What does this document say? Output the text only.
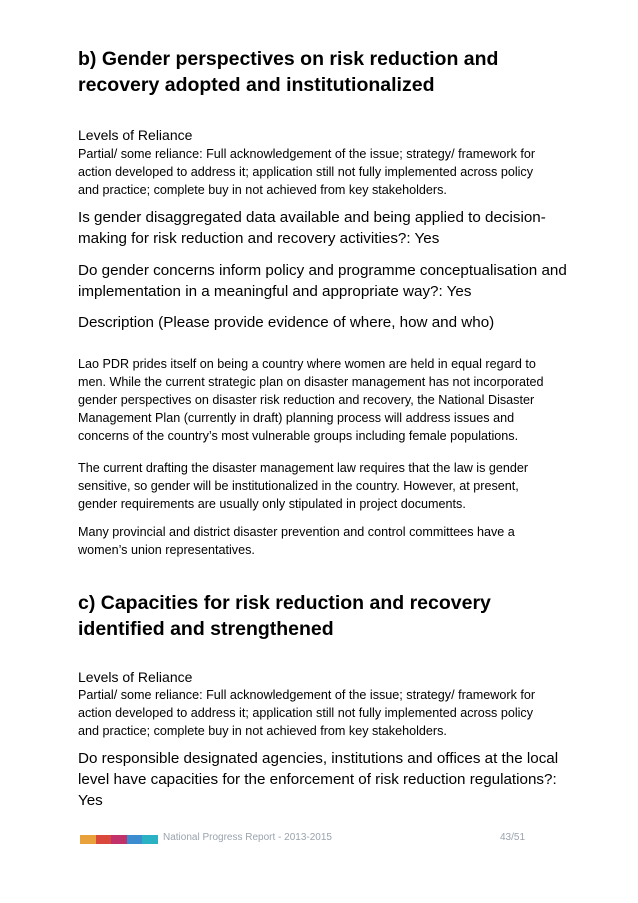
b) Gender perspectives on risk reduction and
recovery adopted and institutionalized
Levels of Reliance
Partial/ some reliance: Full acknowledgement of the issue; strategy/ framework for
action developed to address it; application still not fully implemented across policy
and practice; complete buy in not achieved from key stakeholders.
Is gender disaggregated data available and being applied to decision-
making for risk reduction and recovery activities?: Yes
Do gender concerns inform policy and programme conceptualisation and
implementation in a meaningful and appropriate way?: Yes
Description (Please provide evidence of where, how and who)
Lao PDR prides itself on being a country where women are held in equal regard to
men. While the current strategic plan on disaster management has not incorporated
gender perspectives on disaster risk reduction and recovery, the National Disaster
Management Plan (currently in draft) planning process will address issues and
concerns of the country’s most vulnerable groups including female populations.
The current drafting the disaster management law requires that the law is gender
sensitive, so gender will be institutionalized in the country. However, at present,
gender requirements are usually only stipulated in project documents.
Many provincial and district disaster prevention and control committees have a
women’s union representatives.
c) Capacities for risk reduction and recovery
identified and strengthened
Levels of Reliance
Partial/ some reliance: Full acknowledgement of the issue; strategy/ framework for
action developed to address it; application still not fully implemented across policy
and practice; complete buy in not achieved from key stakeholders.
Do responsible designated agencies, institutions and offices at the local
level have capacities for the enforcement of risk reduction regulations?:
Yes
National Progress Report - 2013-2015	43/51
